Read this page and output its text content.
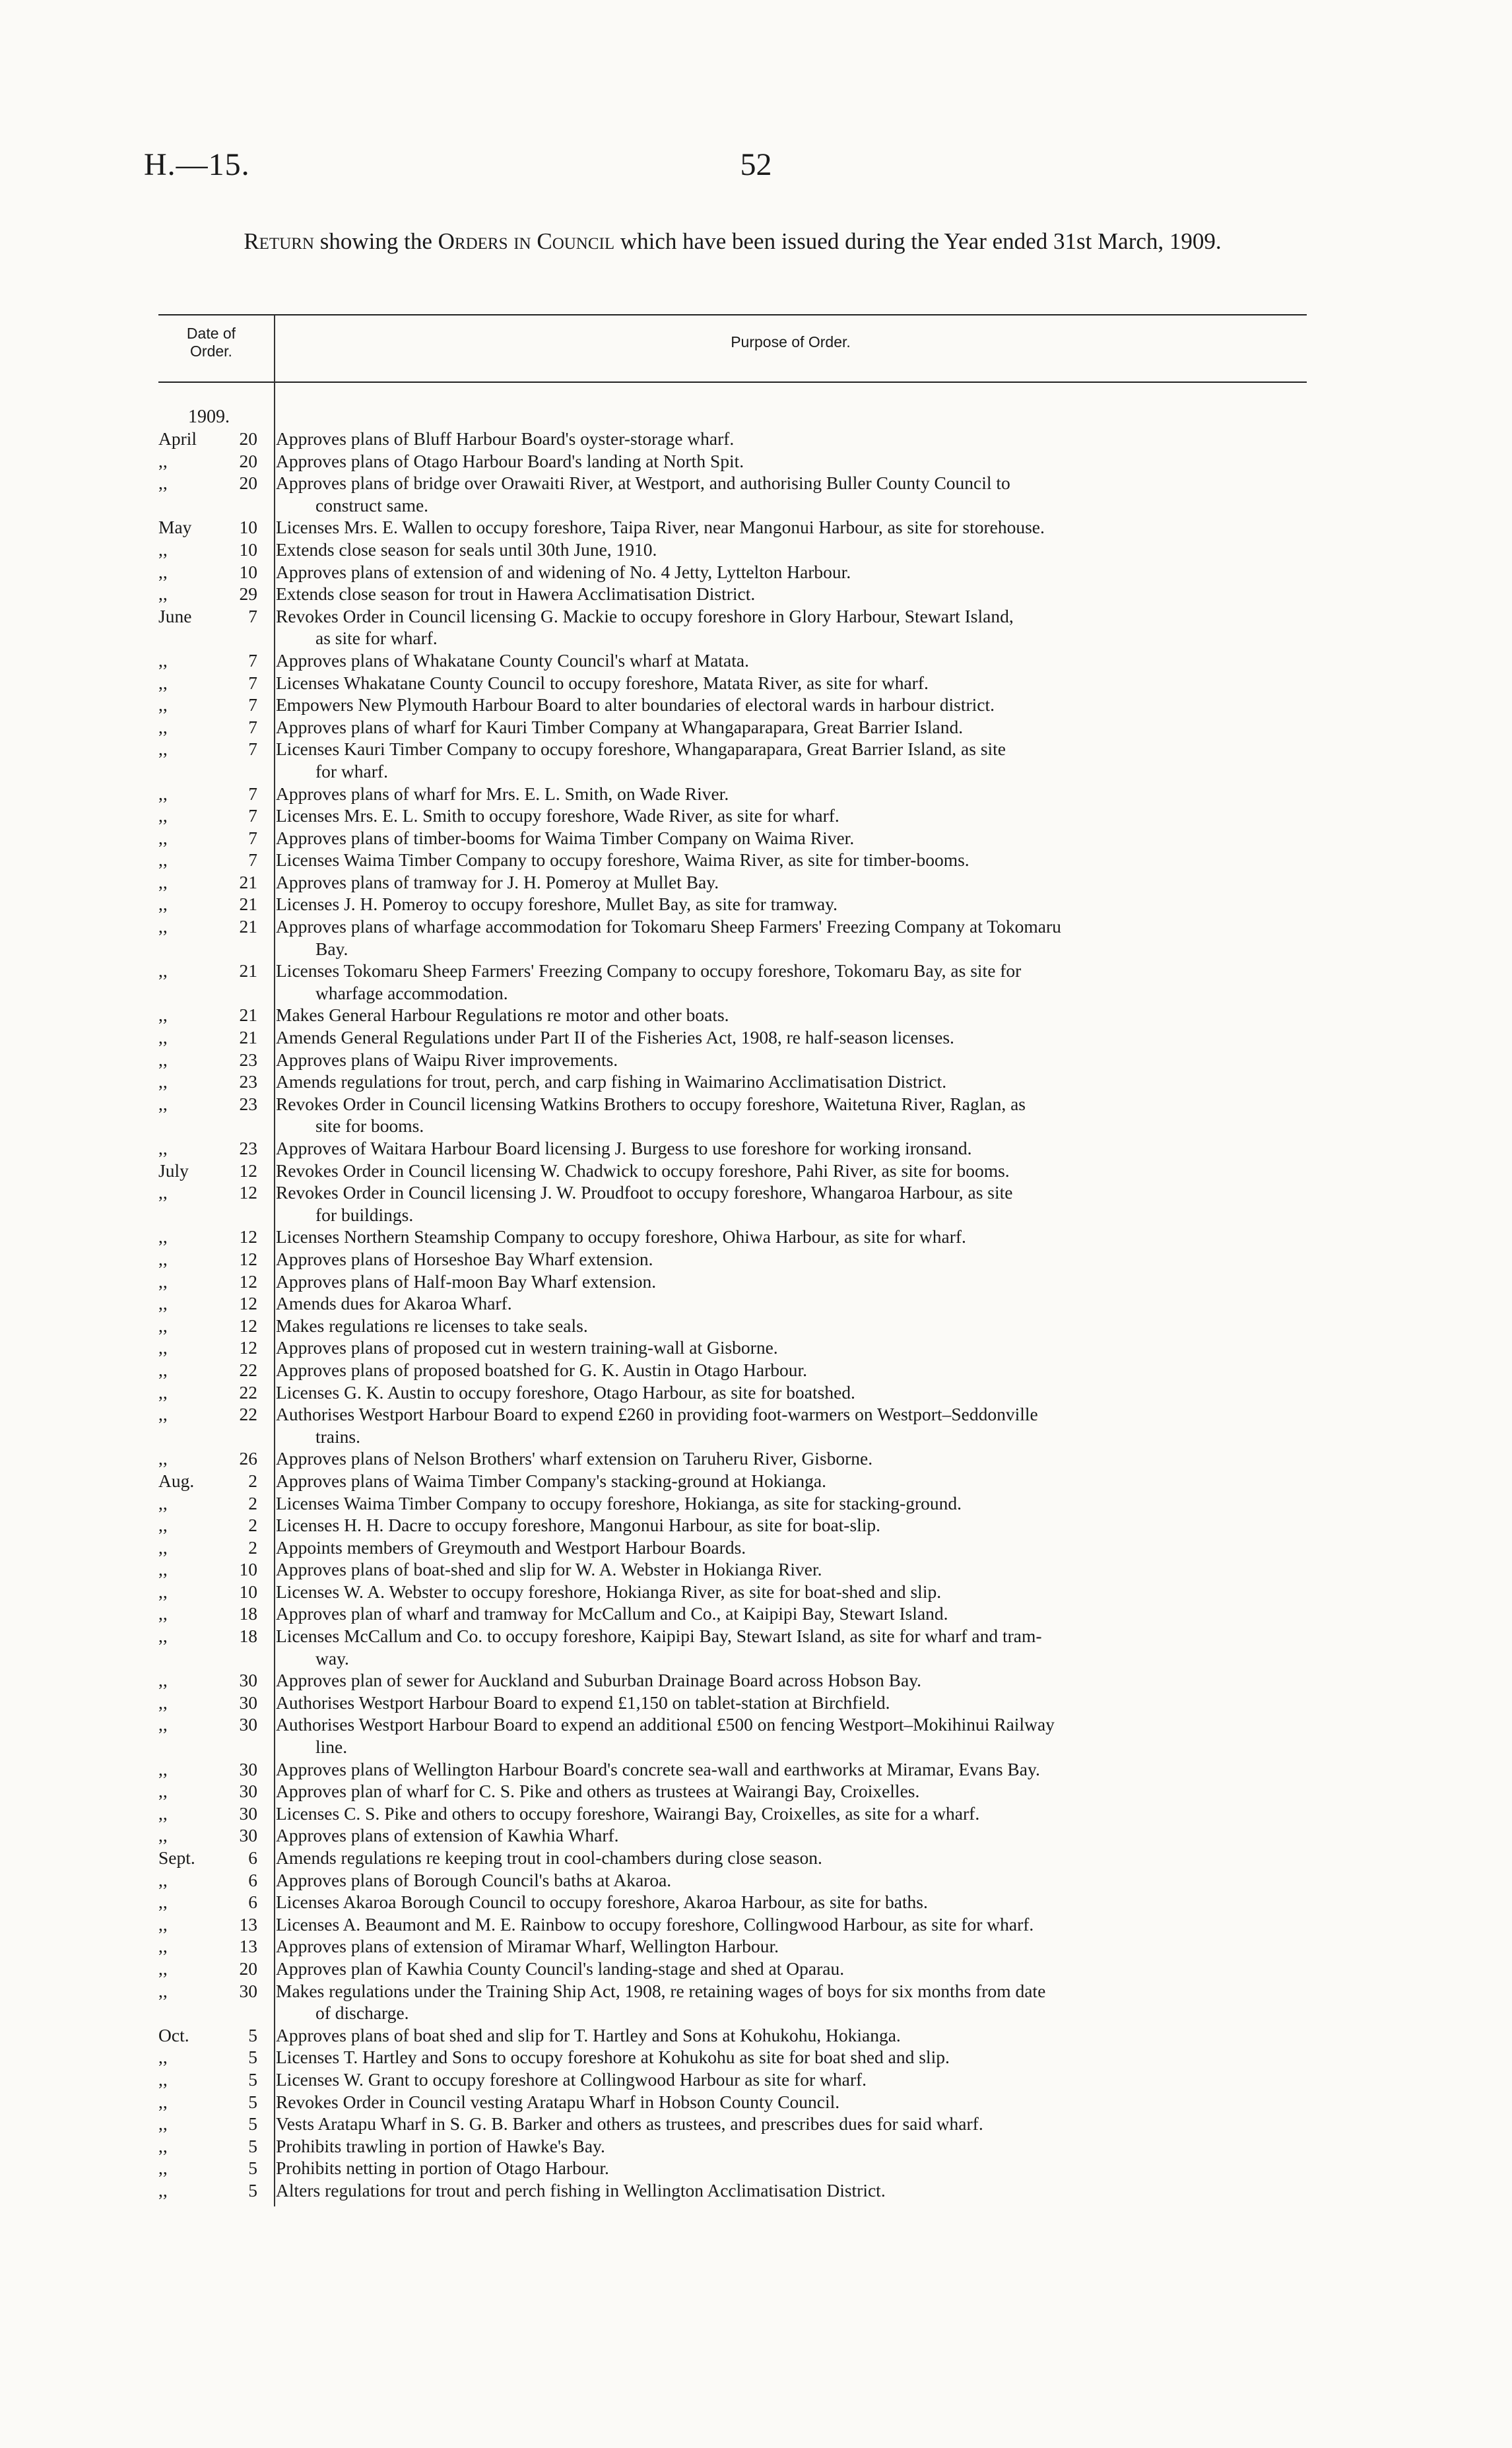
H.—15.	52
Return showing the Orders in Council which have been issued during the Year ended 31st March, 1909.
Date of Order.
Purpose of Order.
1909.
April	20 Approves plans of Bluff Harbour Board's oyster-storage wharf.
,,	20 Approves plans of Otago Harbour Board's landing at North Spit.
,,	20 Approves plans of bridge over Orawaiti River, at Westport, and authorising Buller County Council to
construct same.
May	10 Licenses Mrs. E. Wallen to occupy foreshore, Taipa River, near Mangonui Harbour, as site for storehouse.
,,	10 Extends close season for seals until 30th June, 1910.
,,	10 Approves plans of extension of and widening of No. 4 Jetty, Lyttelton Harbour.
,,	29 Extends close season for trout in Hawera Acclimatisation District.
June	7 Revokes Order in Council licensing G. Mackie to occupy foreshore in Glory Harbour, Stewart Island,
as site for wharf.
,,	7 Approves plans of Whakatane County Council's wharf at Matata.
,,	7 Licenses Whakatane County Council to occupy foreshore, Matata River, as site for wharf.
,,	7 Empowers New Plymouth Harbour Board to alter boundaries of electoral wards in harbour district.
,,	7 Approves plans of wharf for Kauri Timber Company at Whangaparapara, Great Barrier Island.
,,	7 Licenses Kauri Timber Company to occupy foreshore, Whangaparapara, Great Barrier Island, as site
for wharf.
,,	7 Approves plans of wharf for Mrs. E. L. Smith, on Wade River.
,,	7 Licenses Mrs. E. L. Smith to occupy foreshore, Wade River, as site for wharf.
,,	7 Approves plans of timber-booms for Waima Timber Company on Waima River.
,,	7 Licenses Waima Timber Company to occupy foreshore, Waima River, as site for timber-booms.
,,	21 Approves plans of tramway for J. H. Pomeroy at Mullet Bay.
,,	21 Licenses J. H. Pomeroy to occupy foreshore, Mullet Bay, as site for tramway.
,,	21 Approves plans of wharfage accommodation for Tokomaru Sheep Farmers' Freezing Company at Tokomaru
Bay.
,,	21 Licenses Tokomaru Sheep Farmers' Freezing Company to occupy foreshore, Tokomaru Bay, as site for
wharfage accommodation.
,,	21 Makes General Harbour Regulations re motor and other boats.
,,	21 Amends General Regulations under Part II of the Fisheries Act, 1908, re half-season licenses.
,,	23 Approves plans of Waipu River improvements.
,,	23 Amends regulations for trout, perch, and carp fishing in Waimarino Acclimatisation District.
,,	23 Revokes Order in Council licensing Watkins Brothers to occupy foreshore, Waitetuna River, Raglan, as
site for booms.
,,	23 Approves of Waitara Harbour Board licensing J. Burgess to use foreshore for working ironsand.
July	12 Revokes Order in Council licensing W. Chadwick to occupy foreshore, Pahi River, as site for booms.
,,	12 Revokes Order in Council licensing J. W. Proudfoot to occupy foreshore, Whangaroa Harbour, as site
for buildings.
,,	12 Licenses Northern Steamship Company to occupy foreshore, Ohiwa Harbour, as site for wharf.
,,	12 Approves plans of Horseshoe Bay Wharf extension.
,,	12 Approves plans of Half-moon Bay Wharf extension.
,,	12 Amends dues for Akaroa Wharf.
,,	12 Makes regulations re licenses to take seals.
,,	12 Approves plans of proposed cut in western training-wall at Gisborne.
,,	22 Approves plans of proposed boatshed for G. K. Austin in Otago Harbour.
,,	22 Licenses G. K. Austin to occupy foreshore, Otago Harbour, as site for boatshed.
,,	22 Authorises Westport Harbour Board to expend £260 in providing foot-warmers on Westport–Seddonville
trains.
,,	26 Approves plans of Nelson Brothers' wharf extension on Taruheru River, Gisborne.
Aug.	2 Approves plans of Waima Timber Company's stacking-ground at Hokianga.
,,	2 Licenses Waima Timber Company to occupy foreshore, Hokianga, as site for stacking-ground.
,,	2 Licenses H. H. Dacre to occupy foreshore, Mangonui Harbour, as site for boat-slip.
,,	2 Appoints members of Greymouth and Westport Harbour Boards.
,,	10 Approves plans of boat-shed and slip for W. A. Webster in Hokianga River.
,,	10 Licenses W. A. Webster to occupy foreshore, Hokianga River, as site for boat-shed and slip.
,,	18 Approves plan of wharf and tramway for McCallum and Co., at Kaipipi Bay, Stewart Island.
,,	18 Licenses McCallum and Co. to occupy foreshore, Kaipipi Bay, Stewart Island, as site for wharf and tram-
way.
,,	30 Approves plan of sewer for Auckland and Suburban Drainage Board across Hobson Bay.
,,	30 Authorises Westport Harbour Board to expend £1,150 on tablet-station at Birchfield.
,,	30 Authorises Westport Harbour Board to expend an additional £500 on fencing Westport–Mokihinui Railway
line.
,,	30 Approves plans of Wellington Harbour Board's concrete sea-wall and earthworks at Miramar, Evans Bay.
,,	30 Approves plan of wharf for C. S. Pike and others as trustees at Wairangi Bay, Croixelles.
,,	30 Licenses C. S. Pike and others to occupy foreshore, Wairangi Bay, Croixelles, as site for a wharf.
,,	30 Approves plans of extension of Kawhia Wharf.
Sept.	6 Amends regulations re keeping trout in cool-chambers during close season.
,,	6 Approves plans of Borough Council's baths at Akaroa.
,,	6 Licenses Akaroa Borough Council to occupy foreshore, Akaroa Harbour, as site for baths.
,,	13 Licenses A. Beaumont and M. E. Rainbow to occupy foreshore, Collingwood Harbour, as site for wharf.
,,	13 Approves plans of extension of Miramar Wharf, Wellington Harbour.
,,	20 Approves plan of Kawhia County Council's landing-stage and shed at Oparau.
,,	30 Makes regulations under the Training Ship Act, 1908, re retaining wages of boys for six months from date
of discharge.
Oct.	5 Approves plans of boat shed and slip for T. Hartley and Sons at Kohukohu, Hokianga.
,,	5 Licenses T. Hartley and Sons to occupy foreshore at Kohukohu as site for boat shed and slip.
,,	5 Licenses W. Grant to occupy foreshore at Collingwood Harbour as site for wharf.
,,	5 Revokes Order in Council vesting Aratapu Wharf in Hobson County Council.
,,	5 Vests Aratapu Wharf in S. G. B. Barker and others as trustees, and prescribes dues for said wharf.
,,	5 Prohibits trawling in portion of Hawke's Bay.
,,	5 Prohibits netting in portion of Otago Harbour.
,,	5 Alters regulations for trout and perch fishing in Wellington Acclimatisation District.
